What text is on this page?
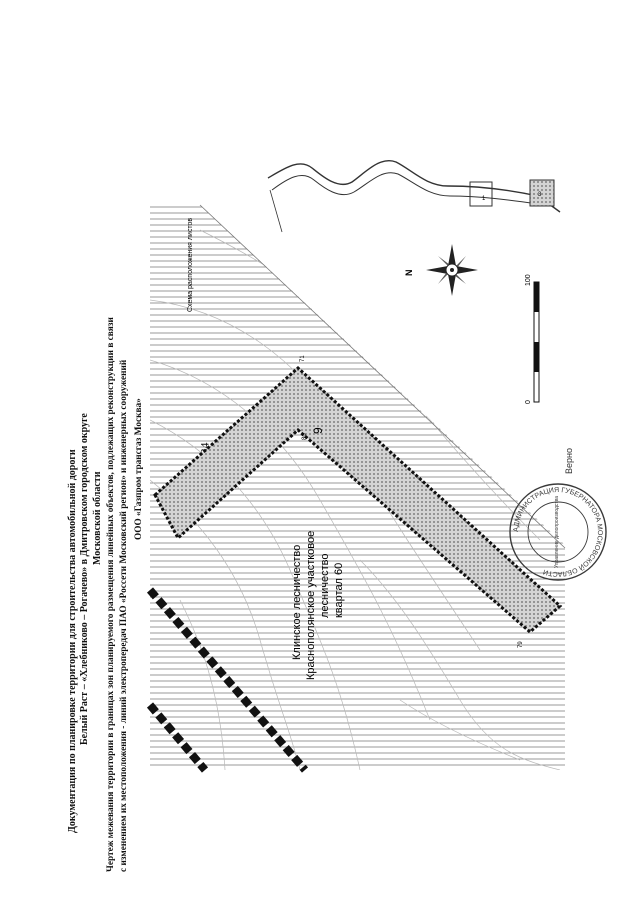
Документация по планировке территории для строительства автомобильной дороги Белый Раст – «Хлебниково – Рогачево» в Дмитровском городском округе Московской области Чертеж межевания территории в границах зон планируемого размещения линейных объектов, подлежащих реконструкции в связи с изменением их местоположения - линий электропередач ПАО «Россети Московский регион» и инженерных сооружений ООО «Газпром трансгаз Москва»
Клинское лесничество Краснополянское участковое лесничество квартал 60
9
71
80
79
1
3
Схема расположения листов	N
0
100
Верно
АДМИНИСТРАЦИЯ ГУБЕРНАТОРА МОСКОВСКОЙ ОБЛАСТИ
Управление делопроизводства
